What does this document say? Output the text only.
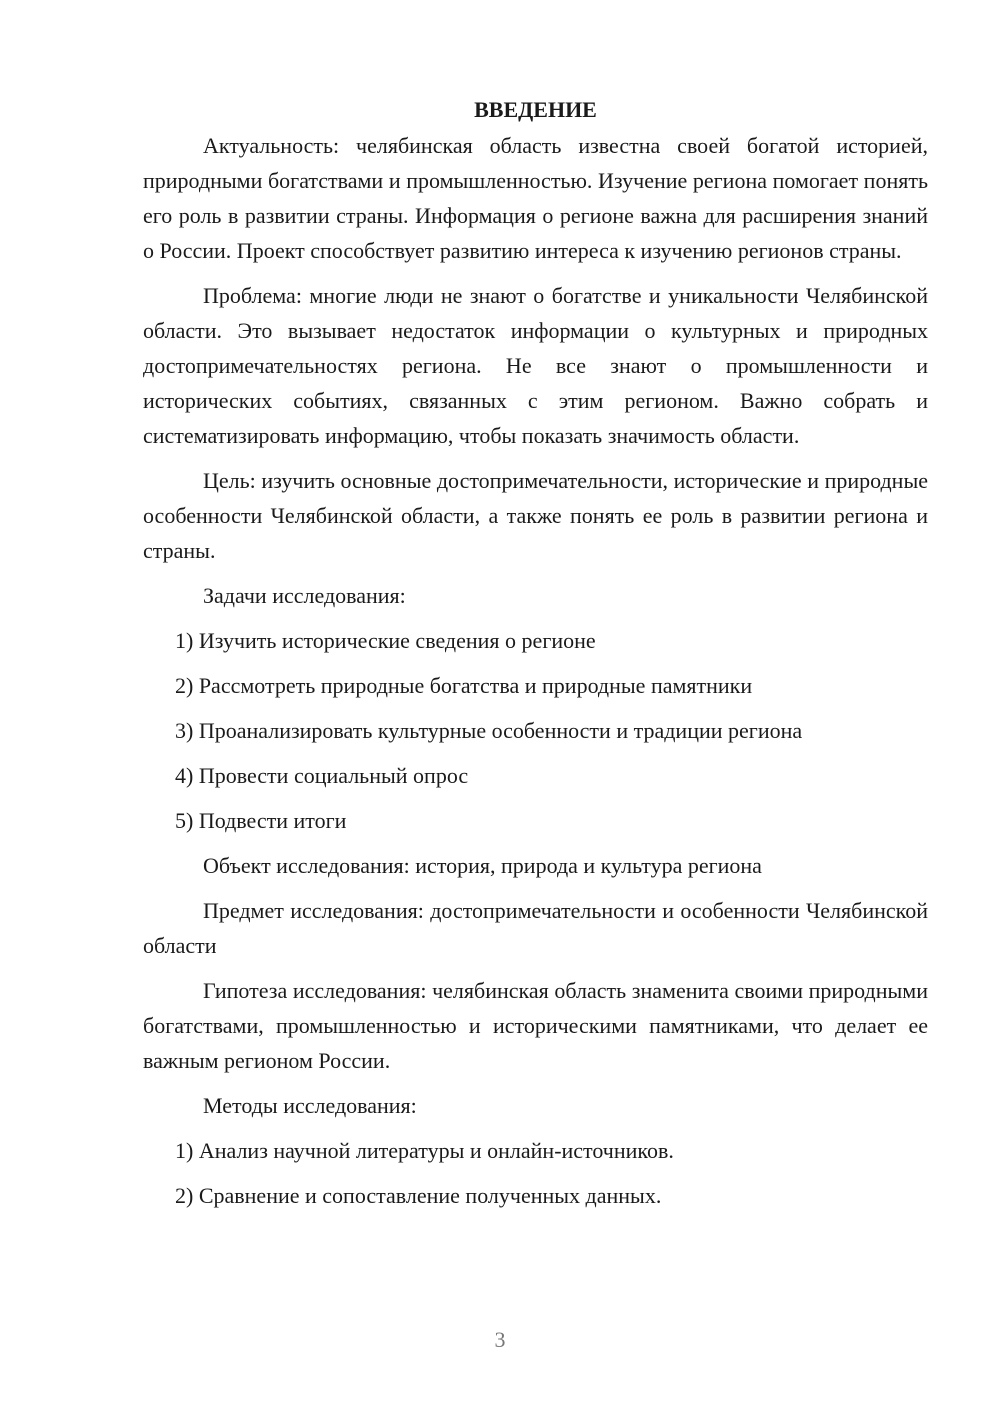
ВВЕДЕНИЕ

Актуальность: челябинская область известна своей богатой историей, природными богатствами и промышленностью. Изучение региона помогает понять его роль в развитии страны. Информация о регионе важна для расширения знаний о России. Проект способствует развитию интереса к изучению регионов страны.

Проблема: многие люди не знают о богатстве и уникальности Челябинской области. Это вызывает недостаток информации о культурных и природных достопримечательностях региона. Не все знают о промышленности и исторических событиях, связанных с этим регионом. Важно собрать и систематизировать информацию, чтобы показать значимость области.

Цель: изучить основные достопримечательности, исторические и природные особенности Челябинской области, а также понять ее роль в развитии региона и страны.

Задачи исследования:

1) Изучить исторические сведения о регионе
2) Рассмотреть природные богатства и природные памятники
3) Проанализировать культурные особенности и традиции региона
4) Провести социальный опрос
5) Подвести итоги

Объект исследования: история, природа и культура региона

Предмет исследования: достопримечательности и особенности Челябинской области

Гипотеза исследования: челябинская область знаменита своими природными богатствами, промышленностью и историческими памятниками, что делает ее важным регионом России.

Методы исследования:

1) Анализ научной литературы и онлайн-источников.
2) Сравнение и сопоставление полученных данных.
3
